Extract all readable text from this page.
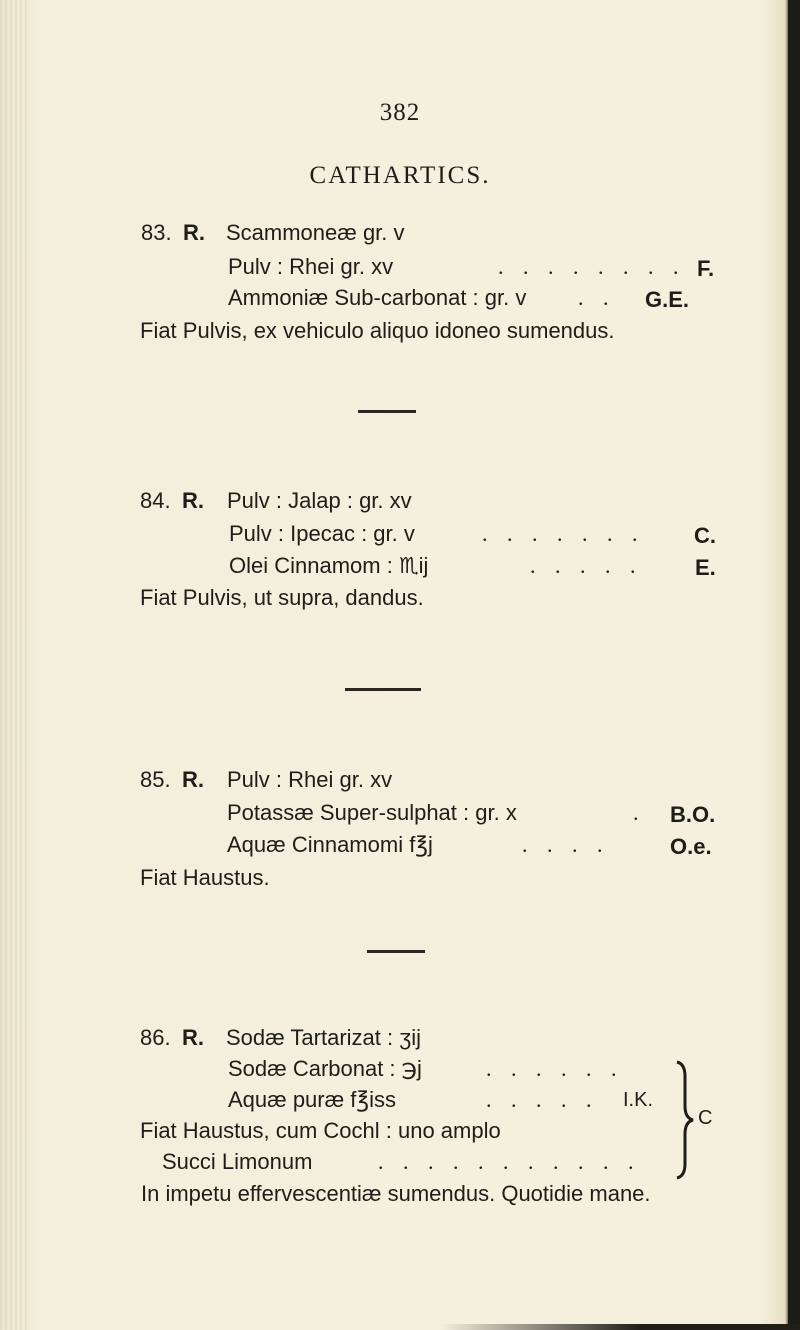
382
CATHARTICS.
83. R. Scammoneæ gr. v
Pulv : Rhei gr. xv	. . . . . . . . F.
Ammoniæ Sub-carbonat : gr. v . . G.E.
Fiat Pulvis, ex vehiculo aliquo idoneo sumendus.
84. R. Pulv : Jalap : gr. xv
Pulv : Ipecac : gr. v	. . . . . . . C.
Olei Cinnamom : ♏ij	. . . . . E.
Fiat Pulvis, ut supra, dandus.
85. R. Pulv : Rhei gr. xv
Potassæ Super-sulphat : gr. x	. B.O.
Aquæ Cinnamomi f℥j	. . . .	O.e.
Fiat Haustus.
86. R. Sodæ Tartarizat : ʒij
Sodæ Carbonat : ℈j	. . . . . .
Aquæ puræ f℥iss	. . . . . I.K.
Fiat Haustus, cum Cochl : uno amplo
Succi Limonum	. . . . . . . . . . .
C
In impetu effervescentiæ sumendus. Quotidie mane.
